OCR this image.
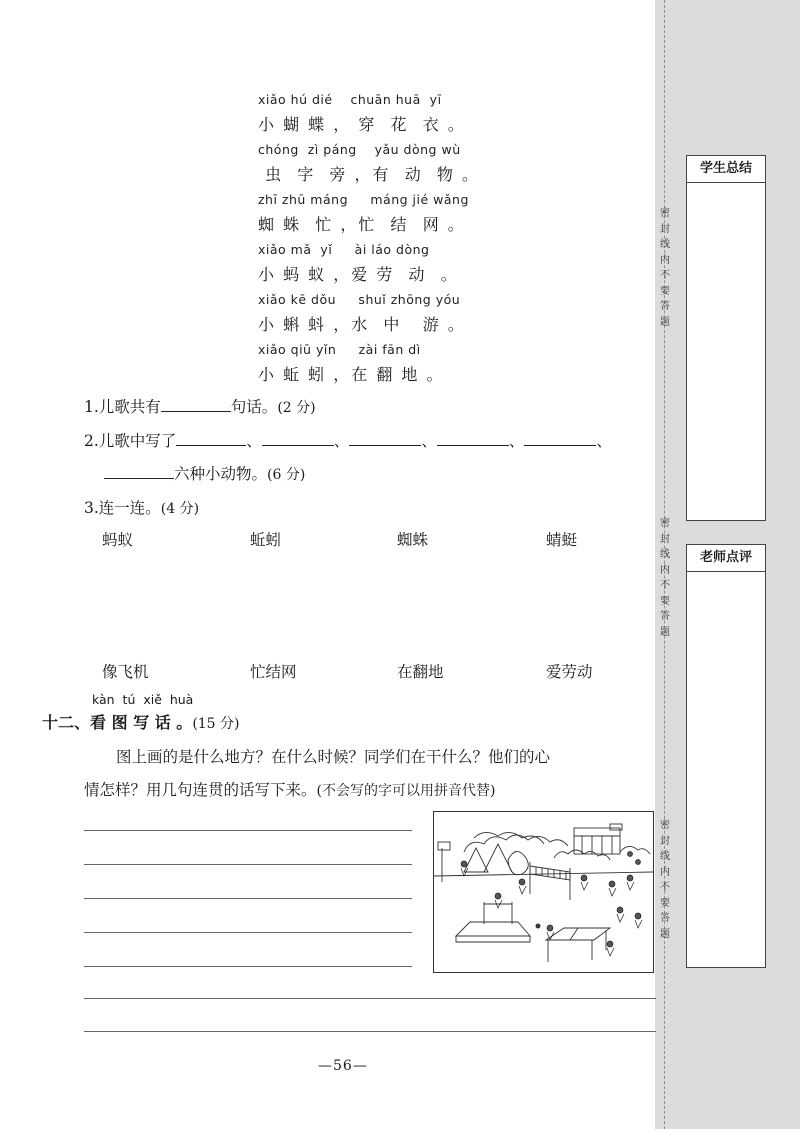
密
封
线
内
不
要
答
题
密
封
线
内
不
要
答
题
密
封
线
内
不
要
答
题
学生总结
老师点评
xiǎo hú dié    chuān huā  yī
小 蝴 蝶 ， 穿  花  衣 。
chóng  zì páng    yǎu dòng wù
虫  字  旁 ，有  动  物 。
zhī zhū máng     máng jié wǎng
蜘 蛛  忙 ，忙  结  网 。
xiǎo mǎ  yǐ     ài láo dòng
小 蚂 蚁 ，爱 劳  动  。
xiǎo kē dǒu     shuǐ zhōng yóu
小 蝌 蚪 ，水  中   游 。
xiǎo qiū yǐn     zài fān dì
小 蚯 蚓 ，在 翻 地 。
1.儿歌共有	句话。(2 分)
2.儿歌中写了	、	、	、	、	、
六种小动物。(6 分)
3.连一连。(4 分)
蚂蚁	蚯蚓	蜘蛛	蜻蜓
像飞机	忙结网	在翻地	爱劳动
kàn  tú  xiě  huà
十二、看 图 写 话 。(15 分)
图上画的是什么地方？在什么时候？同学们在干什么？他们的心
情怎样？用几句连贯的话写下来。(不会写的字可以用拼音代替)
—56—
